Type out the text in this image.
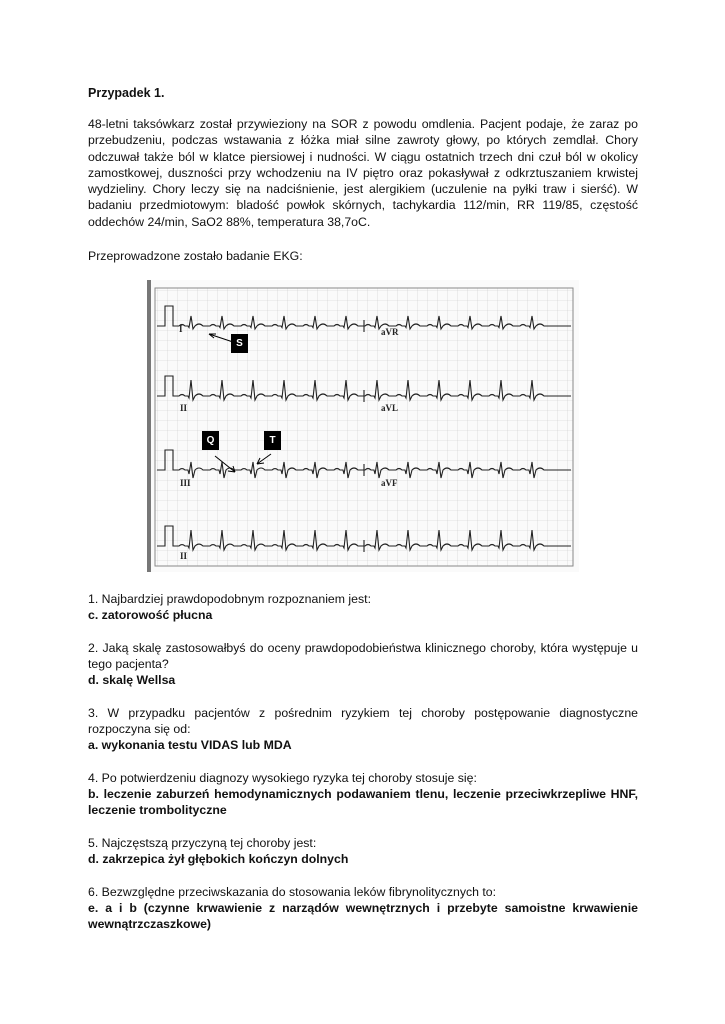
Przypadek 1.

48-letni taksówkarz został przywieziony na SOR z powodu omdlenia. Pacjent podaje, że zaraz po przebudzeniu, podczas wstawania z łóżka miał silne zawroty głowy, po których zemdlał. Chory odczuwał także ból w klatce piersiowej i nudności. W ciągu ostatnich trzech dni czuł ból w okolicy zamostkowej, duszności przy wchodzeniu na IV piętro oraz pokasływał z odkrztuszaniem krwistej wydzieliny. Chory leczy się na nadciśnienie, jest alergikiem (uczulenie na pyłki traw i sierść). W badaniu przedmiotowym: bladość powłok skórnych, tachykardia 112/min, RR 119/85, częstość oddechów 24/min, SaO2 88%, temperatura 38,7oC.

Przeprowadzone zostało badanie EKG:

I	aVR
II	aVL
III	aVF
II
S
Q	T

1. Najbardziej prawdopodobnym rozpoznaniem jest:

c. zatorowość płucna

2. Jaką skalę zastosowałbyś do oceny prawdopodobieństwa klinicznego choroby, która występuje u tego pacjenta?

d. skalę Wellsa

3. W przypadku pacjentów z pośrednim ryzykiem tej choroby postępowanie diagnostyczne rozpoczyna się od:

a. wykonania testu VIDAS lub MDA

4. Po potwierdzeniu diagnozy wysokiego ryzyka tej choroby stosuje się:

b. leczenie zaburzeń hemodynamicznych podawaniem tlenu, leczenie przeciwkrzepliwe HNF, leczenie trombolityczne

5. Najczęstszą przyczyną tej choroby jest:

d. zakrzepica żył głębokich kończyn dolnych

6. Bezwzględne przeciwskazania do stosowania leków fibrynolitycznych to:

e. a i b (czynne krwawienie z narządów wewnętrznych i przebyte samoistne krwawienie wewnątrzczaszkowe)
